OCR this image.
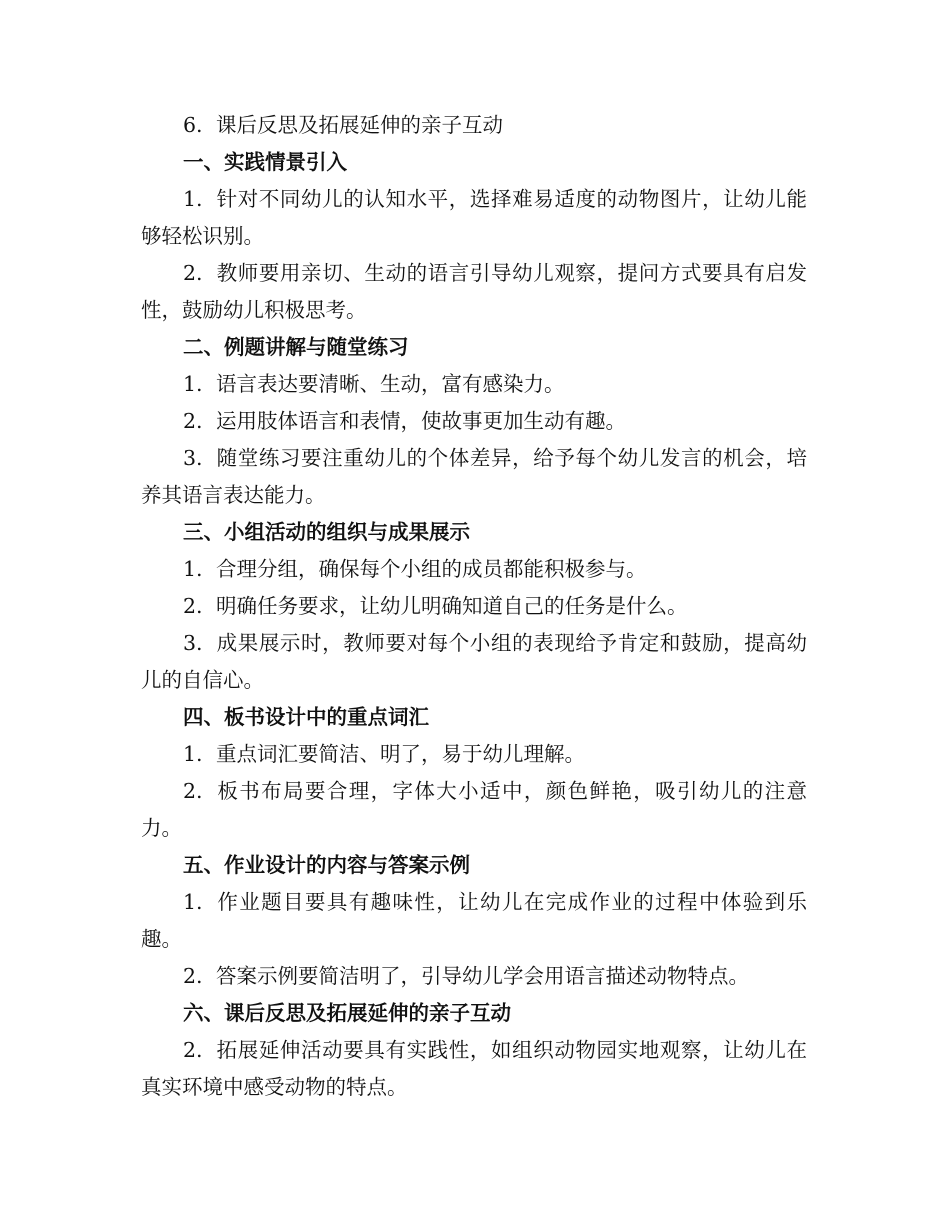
6. 课后反思及拓展延伸的亲子互动

一、实践情景引入

1. 针对不同幼儿的认知水平，选择难易适度的动物图片，让幼儿能够轻松识别。

2. 教师要用亲切、生动的语言引导幼儿观察，提问方式要具有启发性，鼓励幼儿积极思考。

二、例题讲解与随堂练习

1. 语言表达要清晰、生动，富有感染力。

2. 运用肢体语言和表情，使故事更加生动有趣。

3. 随堂练习要注重幼儿的个体差异，给予每个幼儿发言的机会，培养其语言表达能力。

三、小组活动的组织与成果展示

1. 合理分组，确保每个小组的成员都能积极参与。

2. 明确任务要求，让幼儿明确知道自己的任务是什么。

3. 成果展示时，教师要对每个小组的表现给予肯定和鼓励，提高幼儿的自信心。

四、板书设计中的重点词汇

1. 重点词汇要简洁、明了，易于幼儿理解。

2. 板书布局要合理，字体大小适中，颜色鲜艳，吸引幼儿的注意力。

五、作业设计的内容与答案示例

1. 作业题目要具有趣味性，让幼儿在完成作业的过程中体验到乐趣。

2. 答案示例要简洁明了，引导幼儿学会用语言描述动物特点。

六、课后反思及拓展延伸的亲子互动

2. 拓展延伸活动要具有实践性，如组织动物园实地观察，让幼儿在真实环境中感受动物的特点。
